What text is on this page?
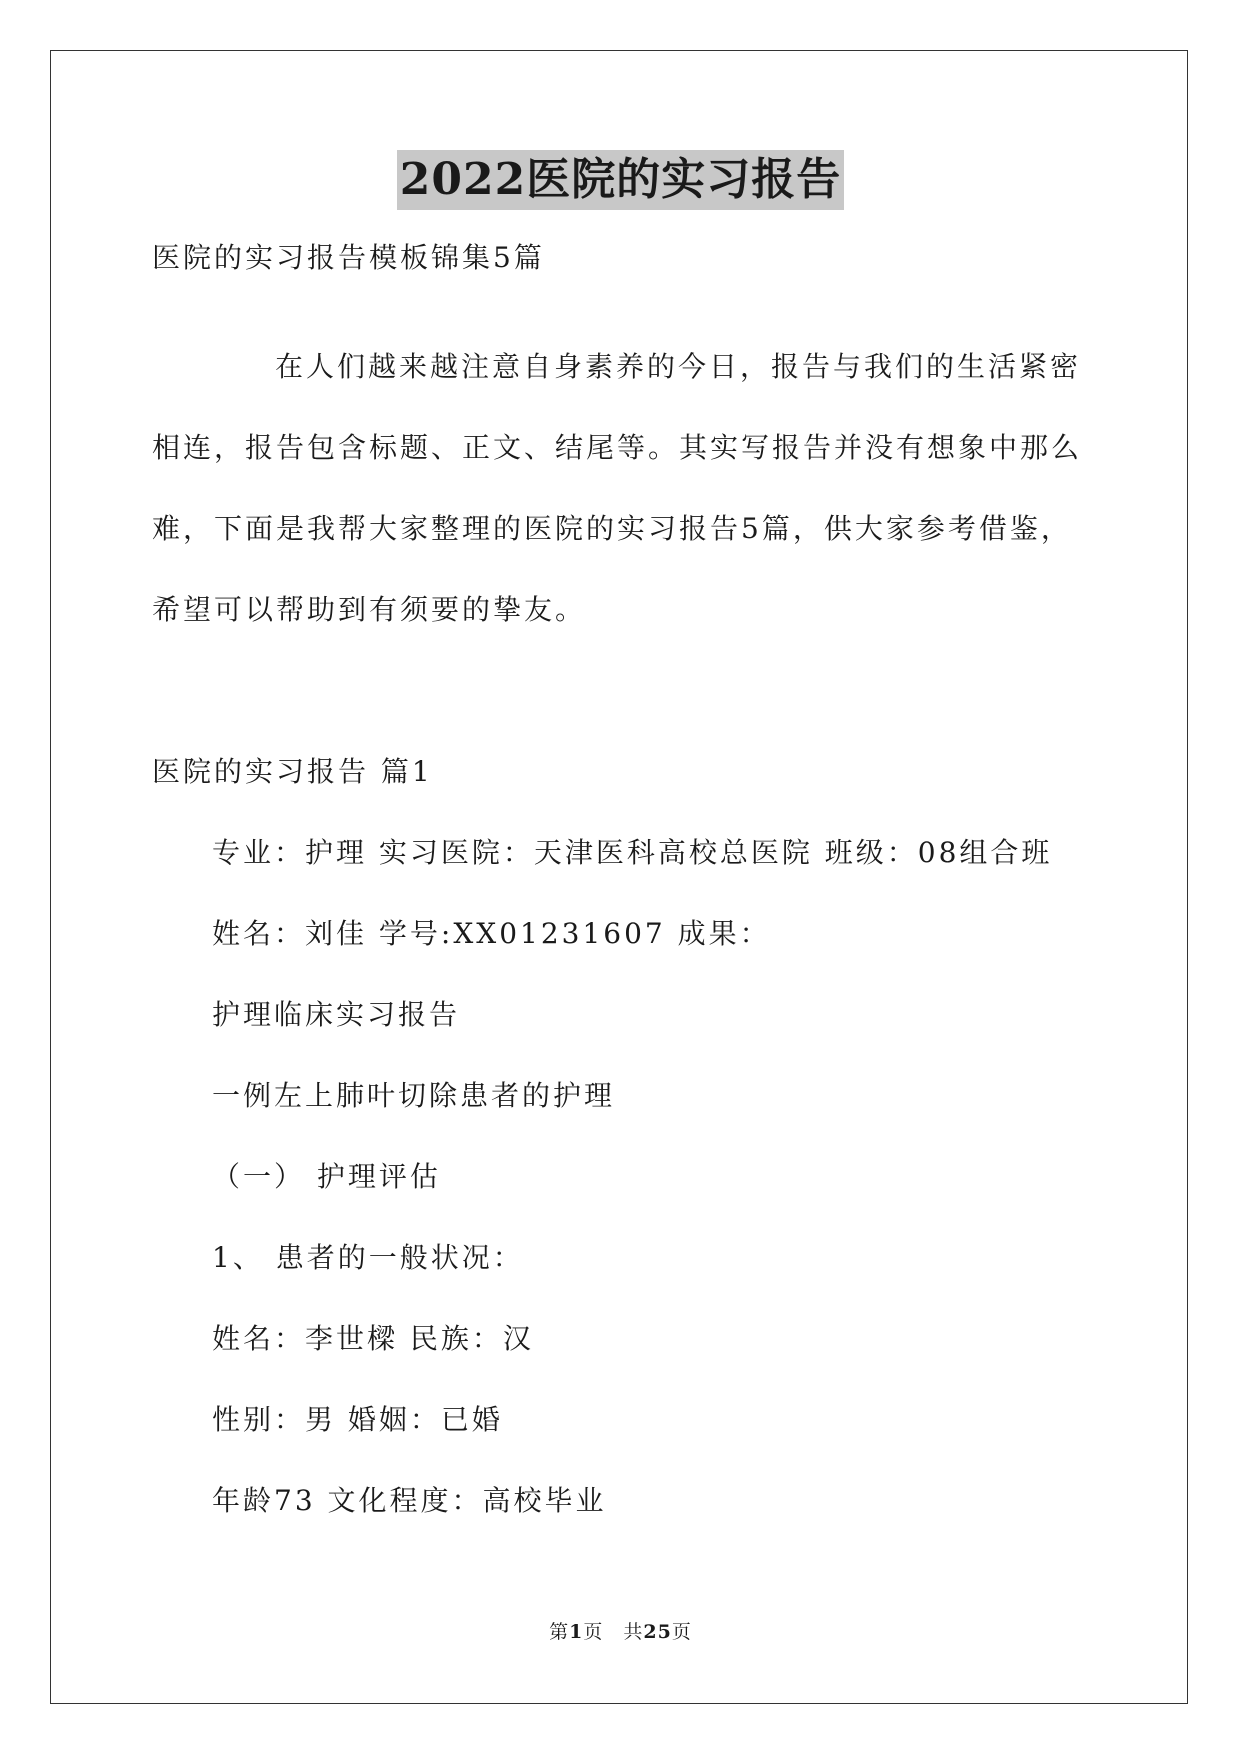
2022医院的实习报告
医院的实习报告模板锦集5篇
在人们越来越注意自身素养的今日，报告与我们的生活紧密
相连，报告包含标题、正文、结尾等。其实写报告并没有想象中那么
难，下面是我帮大家整理的医院的实习报告5篇，供大家参考借鉴，
希望可以帮助到有须要的挚友。
医院的实习报告 篇1
专业：护理 实习医院：天津医科高校总医院 班级：08组合班
姓名：刘佳 学号:XX01231607 成果：
护理临床实习报告
一例左上肺叶切除患者的护理
（一） 护理评估
1、 患者的一般状况：
姓名：李世樑 民族：汉
性别：男 婚姻：已婚
年龄73 文化程度：高校毕业
第1页　共25页
